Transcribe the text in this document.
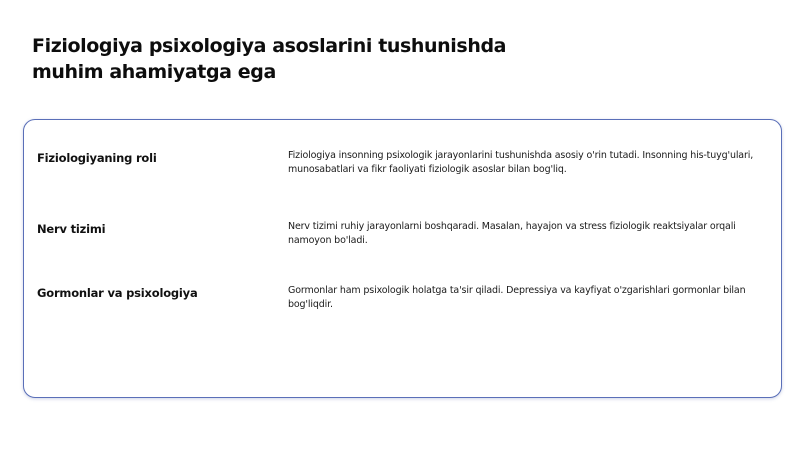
Fiziologiya psixologiya asoslarini tushunishda muhim ahamiyatga ega
Fiziologiyaning roli	Fiziologiya insonning psixologik jarayonlarini tushunishda asosiy o'rin tutadi. Insonning his-tuyg'ulari, munosabatlari va fikr faoliyati fiziologik asoslar bilan bog'liq.
Nerv tizimi	Nerv tizimi ruhiy jarayonlarni boshqaradi. Masalan, hayajon va stress fiziologik reaktsiyalar orqali namoyon bo'ladi.
Gormonlar va psixologiya	Gormonlar ham psixologik holatga ta'sir qiladi. Depressiya va kayfiyat o'zgarishlari gormonlar bilan bog'liqdir.
